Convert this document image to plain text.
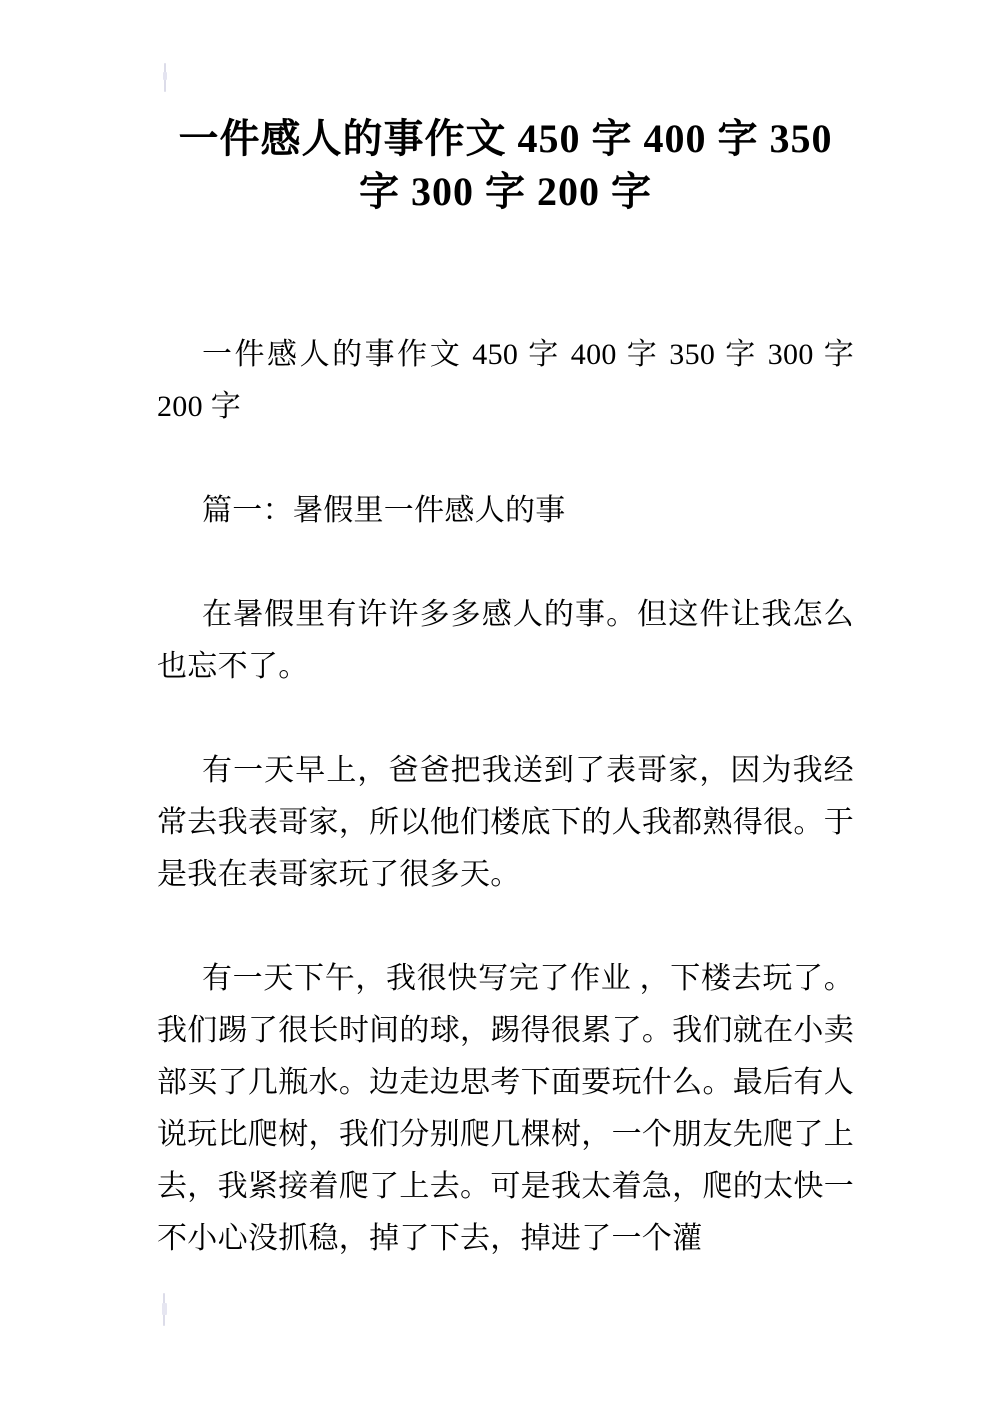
一件感人的事作文 450 字 400 字 350
字 300 字 200 字

一件感人的事作文 450 字 400 字 350 字 300 字 200 字

篇一：暑假里一件感人的事

在暑假里有许许多多感人的事。但这件让我怎么也忘不了。

有一天早上，爸爸把我送到了表哥家，因为我经常去我表哥家，所以他们楼底下的人我都熟得很。于是我在表哥家玩了很多天。

有一天下午，我很快写完了作业 ，下楼去玩了。我们踢了很长时间的球，踢得很累了。我们就在小卖部买了几瓶水。边走边思考下面要玩什么。最后有人说玩比爬树，我们分别爬几棵树，一个朋友先爬了上去，我紧接着爬了上去。可是我太着急，爬的太快一不小心没抓稳，掉了下去，掉进了一个灌
